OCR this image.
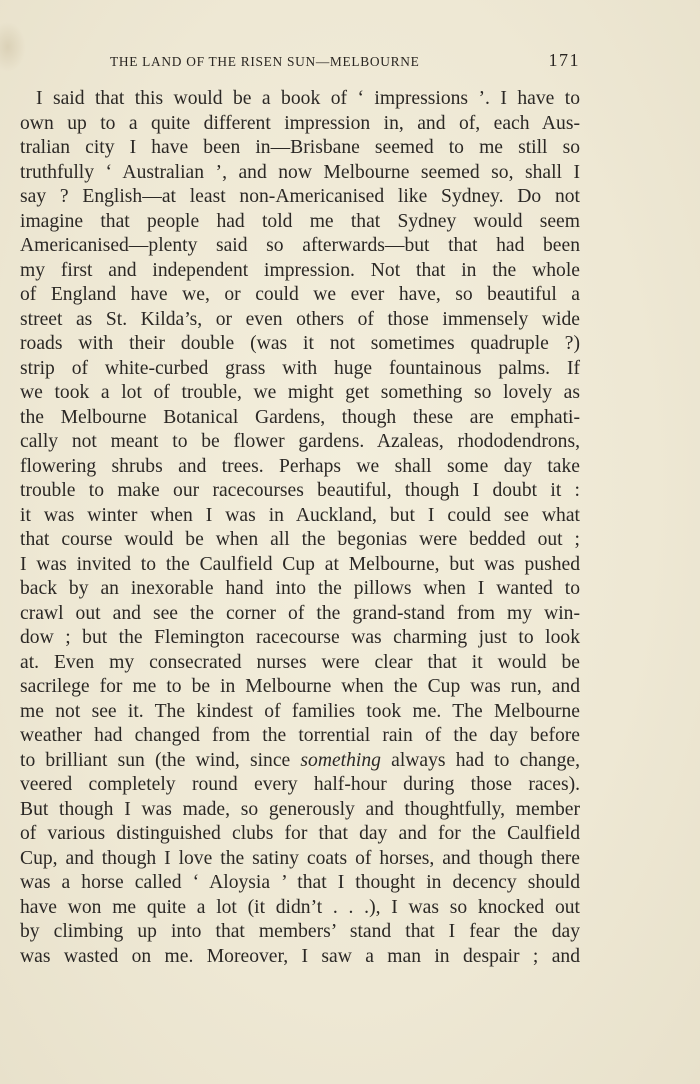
THE LAND OF THE RISEN SUN—MELBOURNE	171
I said that this would be a book of ‘ impressions ’. I have to
own up to a quite different impression in, and of, each Aus-
tralian city I have been in—Brisbane seemed to me still so
truthfully ‘ Australian ’, and now Melbourne seemed so, shall I
say ? English—at least non-Americanised like Sydney. Do not
imagine that people had told me that Sydney would seem
Americanised—plenty said so afterwards—but that had been
my first and independent impression. Not that in the whole
of England have we, or could we ever have, so beautiful a
street as St. Kilda’s, or even others of those immensely wide
roads with their double (was it not sometimes quadruple ?)
strip of white-curbed grass with huge fountainous palms. If
we took a lot of trouble, we might get something so lovely as
the Melbourne Botanical Gardens, though these are emphati-
cally not meant to be flower gardens. Azaleas, rhododendrons,
flowering shrubs and trees. Perhaps we shall some day take
trouble to make our racecourses beautiful, though I doubt it :
it was winter when I was in Auckland, but I could see what
that course would be when all the begonias were bedded out ;
I was invited to the Caulfield Cup at Melbourne, but was pushed
back by an inexorable hand into the pillows when I wanted to
crawl out and see the corner of the grand-stand from my win-
dow ; but the Flemington racecourse was charming just to look
at. Even my consecrated nurses were clear that it would be
sacrilege for me to be in Melbourne when the Cup was run, and
me not see it. The kindest of families took me. The Melbourne
weather had changed from the torrential rain of the day before
to brilliant sun (the wind, since something always had to change,
veered completely round every half-hour during those races).
But though I was made, so generously and thoughtfully, member
of various distinguished clubs for that day and for the Caulfield
Cup, and though I love the satiny coats of horses, and though there
was a horse called ‘ Aloysia ’ that I thought in decency should
have won me quite a lot (it didn’t . . .), I was so knocked out
by climbing up into that members’ stand that I fear the day
was wasted on me. Moreover, I saw a man in despair ; and
